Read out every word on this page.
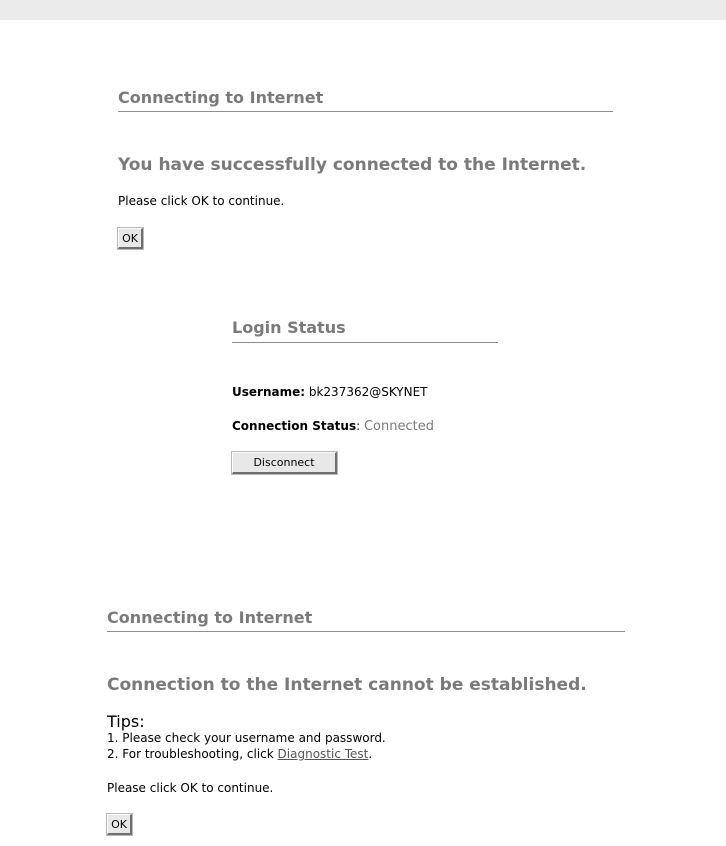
Connecting to Internet
You have successfully connected to the Internet.
Please click OK to continue.
OK
Login Status
Username: bk237362@SKYNET
Connection Status: Connected
Disconnect
Connecting to Internet
Connection to the Internet cannot be established.
Tips:
1. Please check your username and password.
2. For troubleshooting, click Diagnostic Test.
Please click OK to continue.
OK
